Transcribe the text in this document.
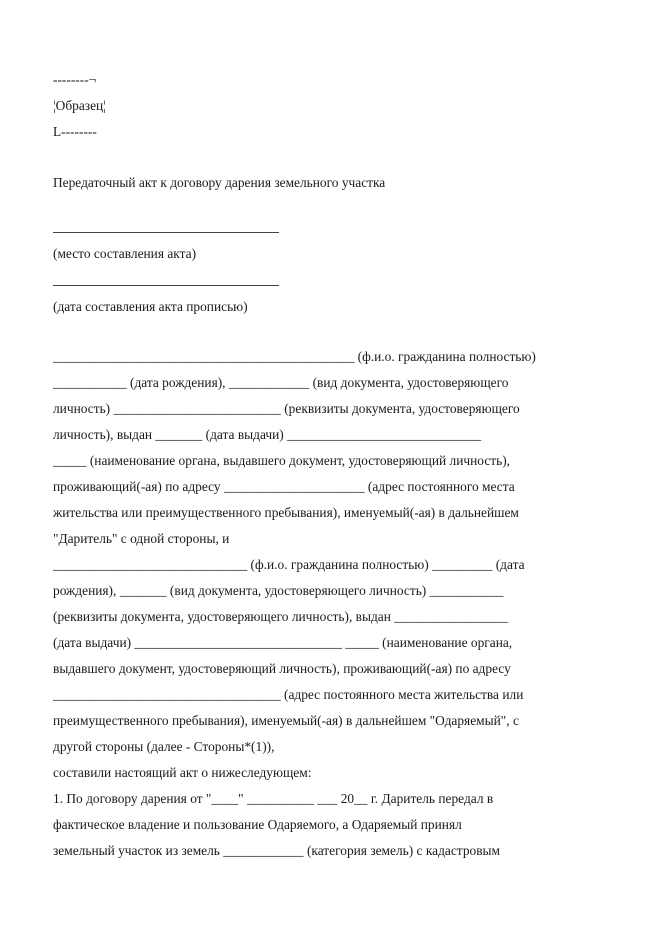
--------¬
¦Образец¦
L--------
Передаточный акт к договору дарения земельного участка
(место составления акта)
(дата составления акта прописью)
_____________________________________________ (ф.и.о. гражданина полностью)
___________ (дата рождения), ____________ (вид документа, удостоверяющего
личность) _________________________ (реквизиты документа, удостоверяющего
личность), выдан _______ (дата выдачи) _____________________________
_____ (наименование органа, выдавшего документ, удостоверяющий личность),
проживающий(-ая) по адресу _____________________ (адрес постоянного места
жительства или преимущественного пребывания), именуемый(-ая) в дальнейшем
"Даритель" с одной стороны, и
_____________________________ (ф.и.о. гражданина полностью) _________ (дата
рождения), _______ (вид документа, удостоверяющего личность) ___________
(реквизиты документа, удостоверяющего личность), выдан _________________
(дата выдачи) _______________________________ _____ (наименование органа,
выдавшего документ, удостоверяющий личность), проживающий(-ая) по адресу
__________________________________ (адрес постоянного места жительства или
преимущественного пребывания), именуемый(-ая) в дальнейшем "Одаряемый", с
другой стороны (далее - Стороны*(1)),
составили настоящий акт о нижеследующем:
1. По договору дарения от "____" __________ ___ 20__ г. Даритель передал в
фактическое владение и пользование Одаряемого, а Одаряемый принял
земельный участок из земель ____________ (категория земель) с кадастровым
